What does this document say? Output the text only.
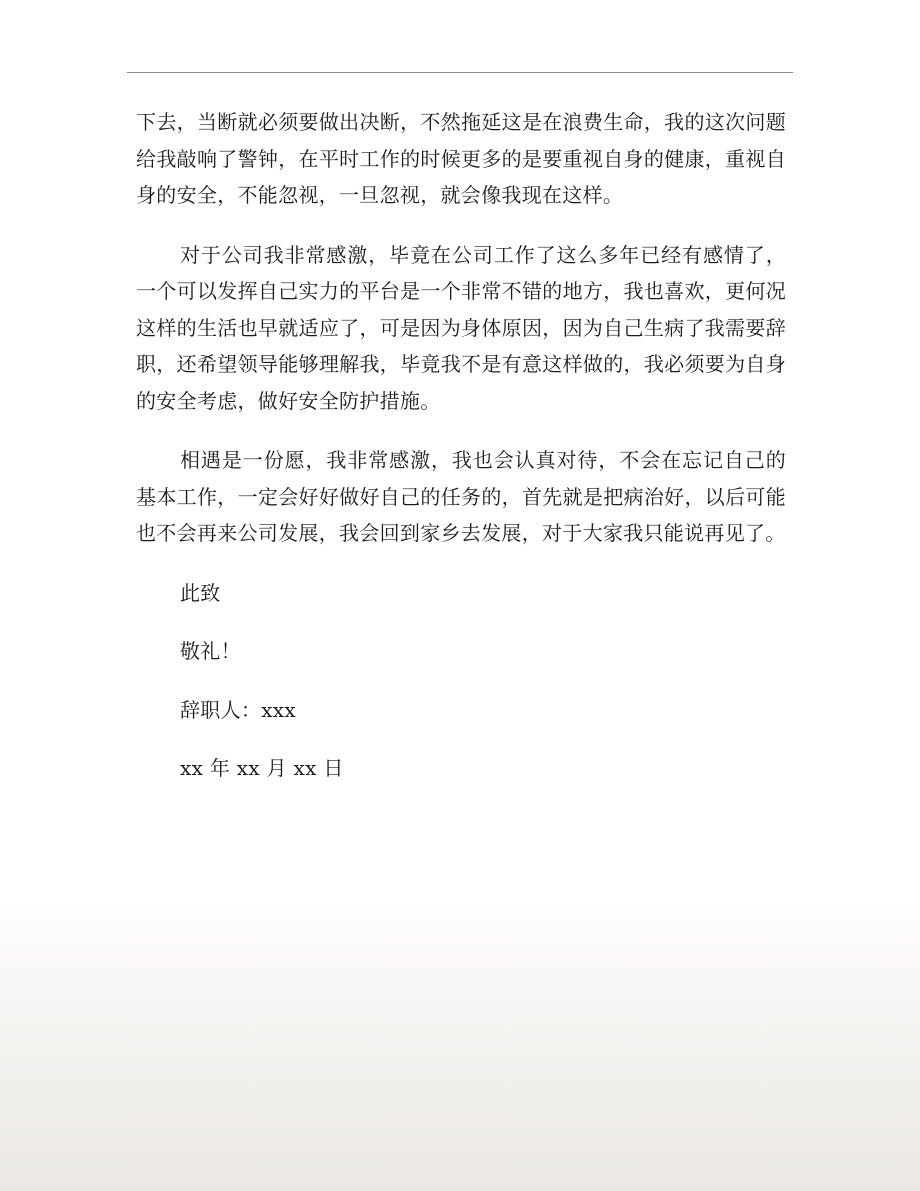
下去，当断就必须要做出决断，不然拖延这是在浪费生命，我的这次问题给我敲响了警钟，在平时工作的时候更多的是要重视自身的健康，重视自身的安全，不能忽视，一旦忽视，就会像我现在这样。

对于公司我非常感激，毕竟在公司工作了这么多年已经有感情了，一个可以发挥自己实力的平台是一个非常不错的地方，我也喜欢，更何况这样的生活也早就适应了，可是因为身体原因，因为自己生病了我需要辞职，还希望领导能够理解我，毕竟我不是有意这样做的，我必须要为自身的安全考虑，做好安全防护措施。

相遇是一份愿，我非常感激，我也会认真对待，不会在忘记自己的基本工作，一定会好好做好自己的任务的，首先就是把病治好，以后可能也不会再来公司发展，我会回到家乡去发展，对于大家我只能说再见了。

此致

敬礼！

辞职人：xxx

xx 年 xx 月 xx 日
